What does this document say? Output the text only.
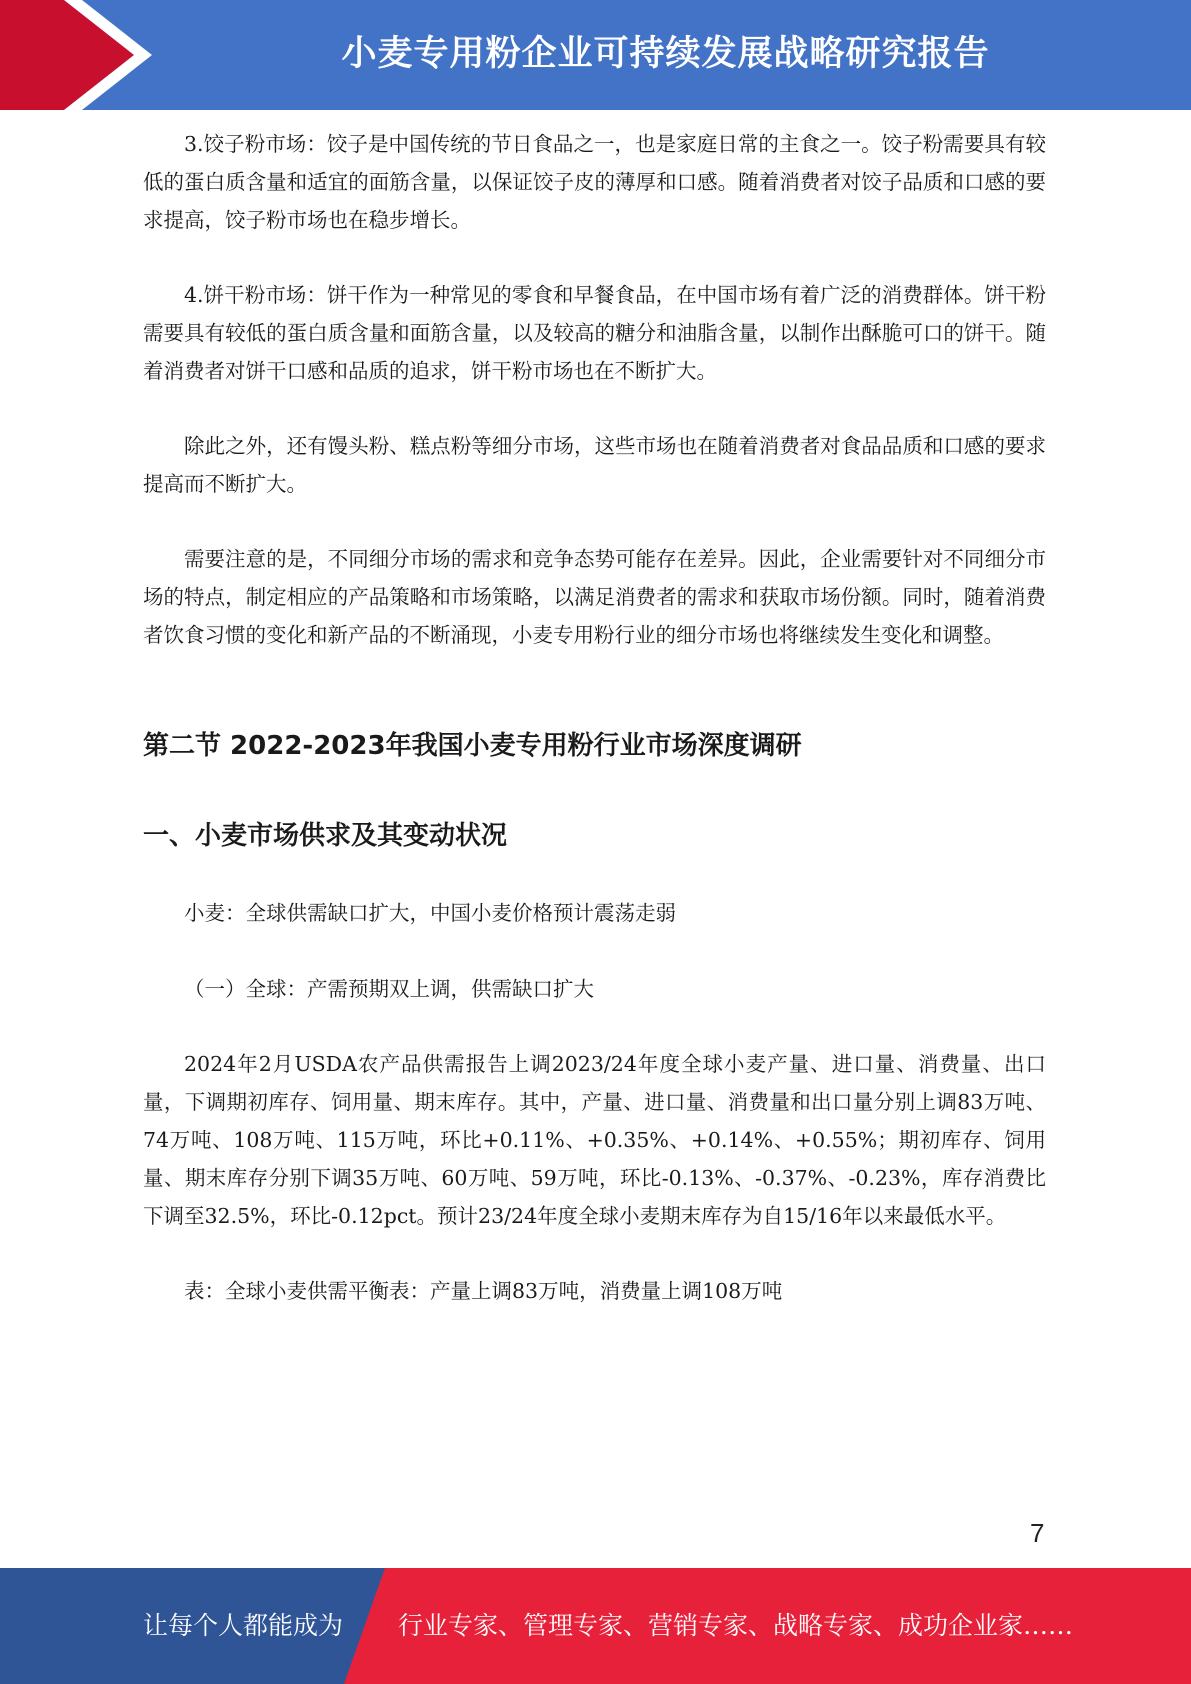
小麦专用粉企业可持续发展战略研究报告

3.饺子粉市场：饺子是中国传统的节日食品之一，也是家庭日常的主食之一。饺子粉需要具有较低的蛋白质含量和适宜的面筋含量，以保证饺子皮的薄厚和口感。随着消费者对饺子品质和口感的要求提高，饺子粉市场也在稳步增长。

4.饼干粉市场：饼干作为一种常见的零食和早餐食品，在中国市场有着广泛的消费群体。饼干粉需要具有较低的蛋白质含量和面筋含量，以及较高的糖分和油脂含量，以制作出酥脆可口的饼干。随着消费者对饼干口感和品质的追求，饼干粉市场也在不断扩大。

除此之外，还有馒头粉、糕点粉等细分市场，这些市场也在随着消费者对食品品质和口感的要求提高而不断扩大。

需要注意的是，不同细分市场的需求和竞争态势可能存在差异。因此，企业需要针对不同细分市场的特点，制定相应的产品策略和市场策略，以满足消费者的需求和获取市场份额。同时，随着消费者饮食习惯的变化和新产品的不断涌现，小麦专用粉行业的细分市场也将继续发生变化和调整。

第二节 2022-2023年我国小麦专用粉行业市场深度调研
一、小麦市场供求及其变动状况
小麦：全球供需缺口扩大，中国小麦价格预计震荡走弱
（一）全球：产需预期双上调，供需缺口扩大

2024年2月USDA农产品供需报告上调2023/24年度全球小麦产量、进口量、消费量、出口量，下调期初库存、饲用量、期末库存。其中，产量、进口量、消费量和出口量分别上调83万吨、74万吨、108万吨、115万吨，环比+0.11%、+0.35%、+0.14%、+0.55%；期初库存、饲用量、期末库存分别下调35万吨、60万吨、59万吨，环比-0.13%、-0.37%、-0.23%，库存消费比下调至32.5%，环比-0.12pct。预计23/24年度全球小麦期末库存为自15/16年以来最低水平。

表：全球小麦供需平衡表：产量上调83万吨，消费量上调108万吨
7
让每个人都能成为 行业专家、管理专家、营销专家、战略专家、成功企业家……
